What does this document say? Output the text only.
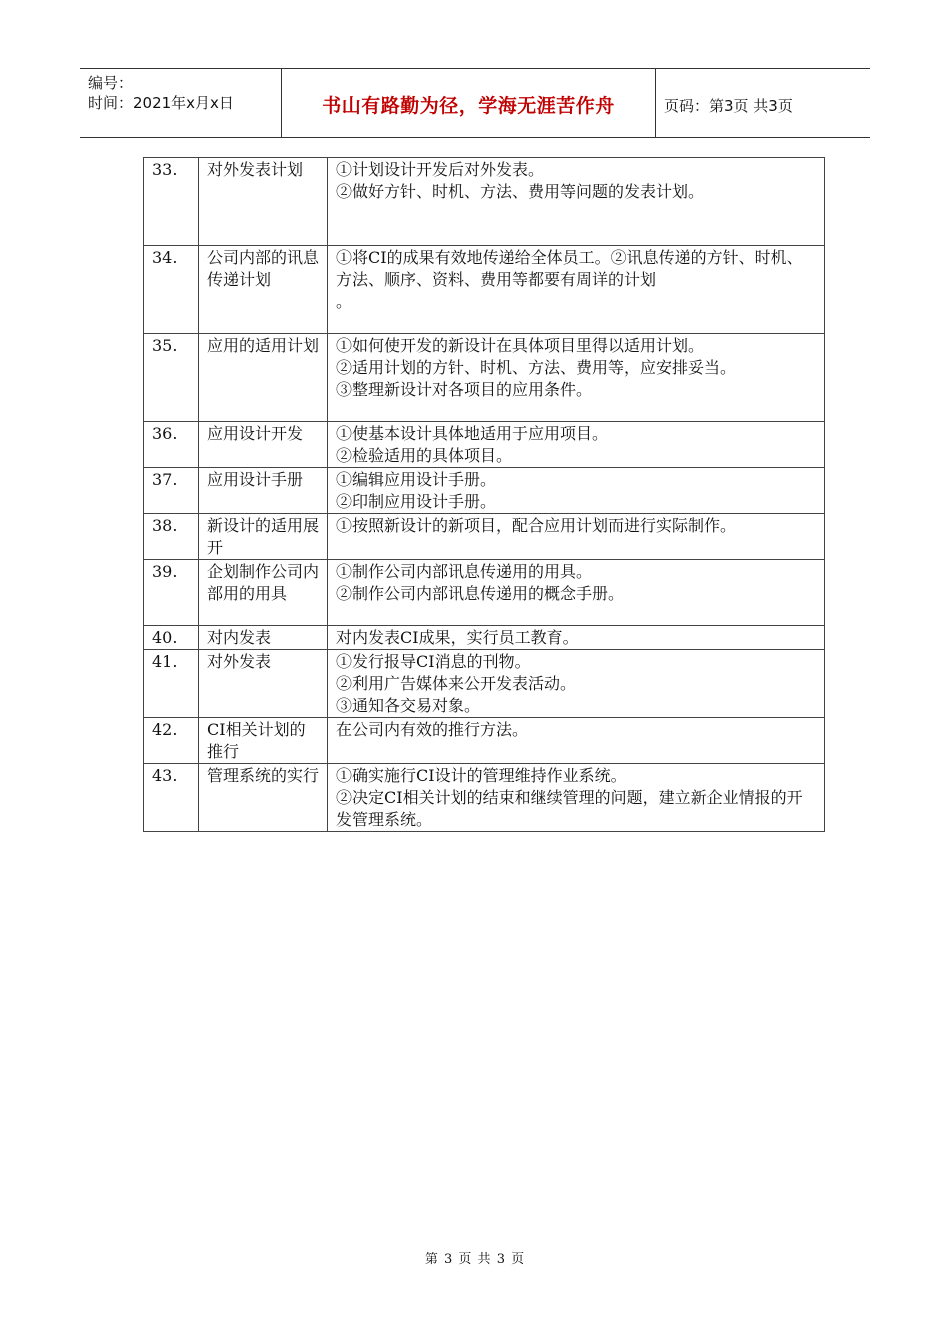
编号：
时间：2021年x月x日	书山有路勤为径，学海无涯苦作舟	页码：第3页 共3页
33.	对外发表计划	①计划设计开发后对外发表。
②做好方针、时机、方法、费用等问题的发表计划。

34.	公司内部的讯息传递计划	①将CI的成果有效地传递给全体员工。②讯息传递的方针、时机、方法、顺序、资料、费用等都要有周详的计划
。

35.	应用的适用计划	①如何使开发的新设计在具体项目里得以适用计划。
②适用计划的方针、时机、方法、费用等，应安排妥当。
③整理新设计对各项目的应用条件。

36.	应用设计开发	①使基本设计具体地适用于应用项目。
②检验适用的具体项目。

37.	应用设计手册	①编辑应用设计手册。
②印制应用设计手册。

38.	新设计的适用展开	①按照新设计的新项目，配合应用计划而进行实际制作。

39.	企划制作公司内部用的用具	①制作公司内部讯息传递用的用具。
②制作公司内部讯息传递用的概念手册。

40.	对内发表	对内发表CI成果，实行员工教育。

41.	对外发表	①发行报导CI消息的刊物。
②利用广告媒体来公开发表活动。
③通知各交易对象。

42.	CI相关计划的推行	在公司内有效的推行方法。

43.	管理系统的实行	①确实施行CI设计的管理维持作业系统。
②决定CI相关计划的结束和继续管理的问题，建立新企业情报的开发管理系统。
第 3 页 共 3 页
